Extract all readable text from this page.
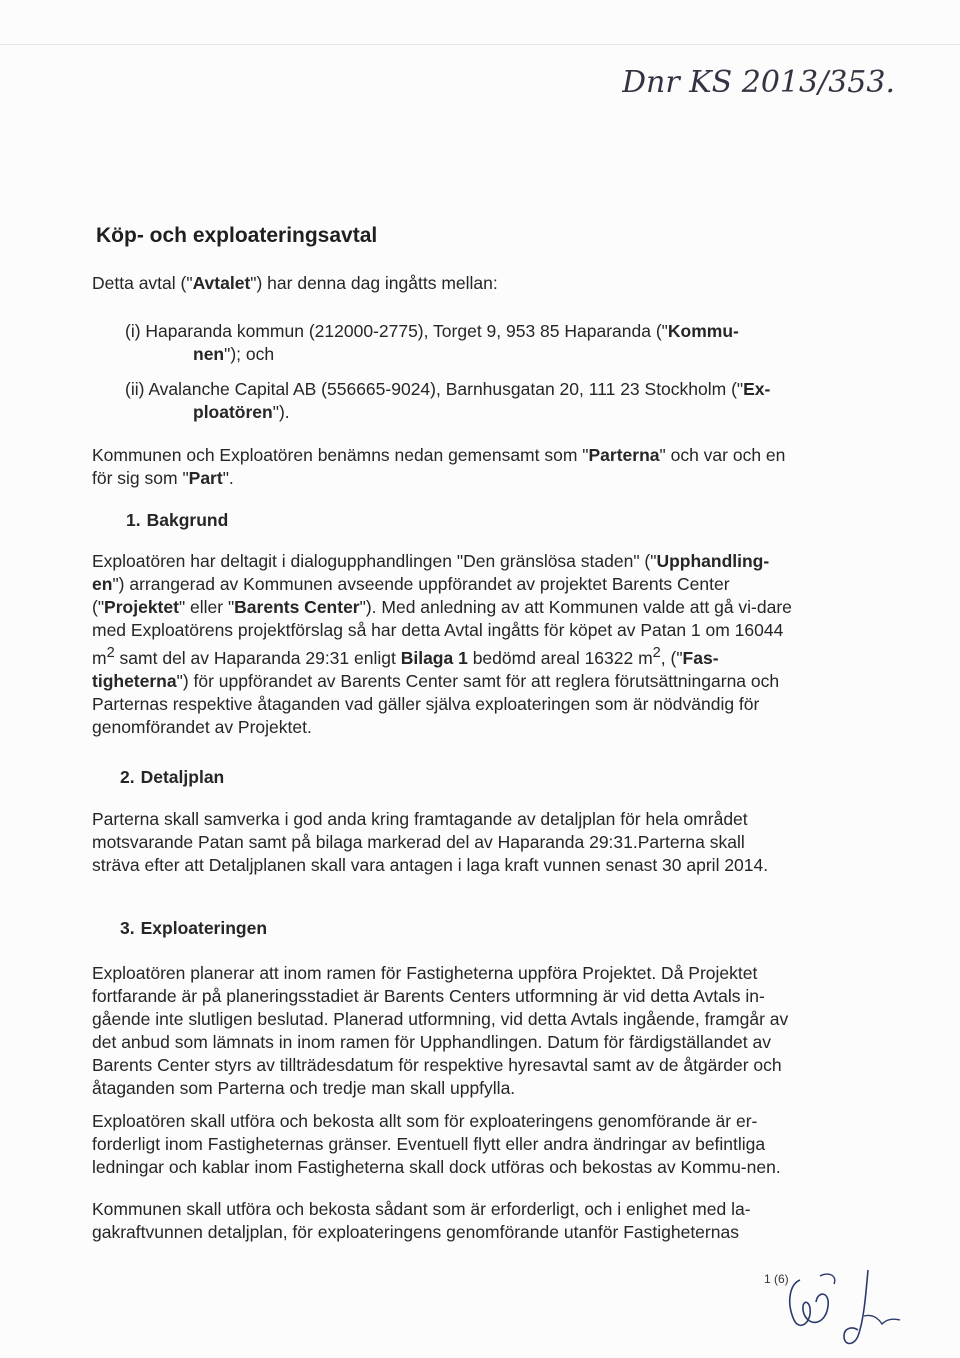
Dnr KS 2013/353.
Köp- och exploateringsavtal

Detta avtal ("Avtalet") har denna dag ingåtts mellan:

(i) Haparanda kommun (212000-2775), Torget 9, 953 85 Haparanda ("Kommu-
nen"); och

(ii) Avalanche Capital AB (556665-9024), Barnhusgatan 20, 111 23 Stockholm ("Ex-
ploatören").

Kommunen och Exploatören benämns nedan gemensamt som "Parterna" och var och en för sig som "Part".

1. Bakgrund

Exploatören har deltagit i dialogupphandlingen "Den gränslösa staden" ("Upphandling-en") arrangerad av Kommunen avseende uppförandet av projektet Barents Center ("Projektet" eller "Barents Center"). Med anledning av att Kommunen valde att gå vi-dare med Exploatörens projektförslag så har detta Avtal ingåtts för köpet av Patan 1 om 16044 $m^2$ samt del av Haparanda 29:31 enligt Bilaga 1 bedömd areal 16322 $m^2$, ("Fas-tigheterna") för uppförandet av Barents Center samt för att reglera förutsättningarna och Parternas respektive åtaganden vad gäller själva exploateringen som är nödvändig för genomförandet av Projektet.

2. Detaljplan

Parterna skall samverka i god anda kring framtagande av detaljplan för hela området motsvarande Patan samt på bilaga markerad del av Haparanda 29:31.Parterna skall sträva efter att Detaljplanen skall vara antagen i laga kraft vunnen senast 30 april 2014.

3. Exploateringen

Exploatören planerar att inom ramen för Fastigheterna uppföra Projektet. Då Projektet fortfarande är på planeringsstadiet är Barents Centers utformning är vid detta Avtals in-gående inte slutligen beslutad. Planerad utformning, vid detta Avtals ingående, framgår av det anbud som lämnats in inom ramen för Upphandlingen. Datum för färdigställandet av Barents Center styrs av tillträdesdatum för respektive hyresavtal samt av de åtgärder och åtaganden som Parterna och tredje man skall uppfylla.

Exploatören skall utföra och bekosta allt som för exploateringens genomförande är er-forderligt inom Fastigheternas gränser. Eventuell flytt eller andra ändringar av befintliga ledningar och kablar inom Fastigheterna skall dock utföras och bekostas av Kommu-nen.

Kommunen skall utföra och bekosta sådant som är erforderligt, och i enlighet med la-gakraftvunnen detaljplan, för exploateringens genomförande utanför Fastigheternas

1 (6)
